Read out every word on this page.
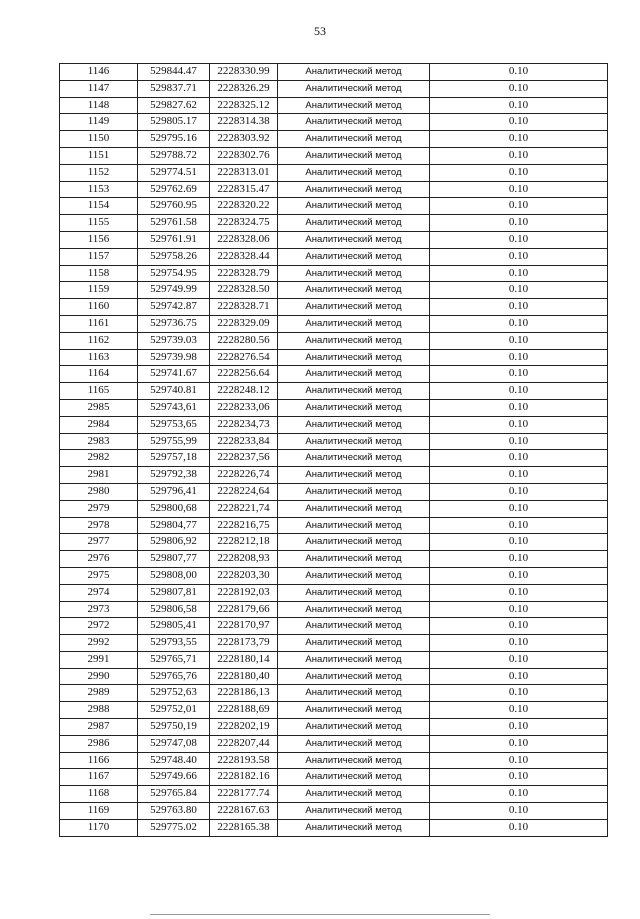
53
1146	529844.47	2228330.99	Аналитический метод	0.10
1147	529837.71	2228326.29	Аналитический метод	0.10
1148	529827.62	2228325.12	Аналитический метод	0.10
1149	529805.17	2228314.38	Аналитический метод	0.10
1150	529795.16	2228303.92	Аналитический метод	0.10
1151	529788.72	2228302.76	Аналитический метод	0.10
1152	529774.51	2228313.01	Аналитический метод	0.10
1153	529762.69	2228315.47	Аналитический метод	0.10
1154	529760.95	2228320.22	Аналитический метод	0.10
1155	529761.58	2228324.75	Аналитический метод	0.10
1156	529761.91	2228328.06	Аналитический метод	0.10
1157	529758.26	2228328.44	Аналитический метод	0.10
1158	529754.95	2228328.79	Аналитический метод	0.10
1159	529749.99	2228328.50	Аналитический метод	0.10
1160	529742.87	2228328.71	Аналитический метод	0.10
1161	529736.75	2228329.09	Аналитический метод	0.10
1162	529739.03	2228280.56	Аналитический метод	0.10
1163	529739.98	2228276.54	Аналитический метод	0.10
1164	529741.67	2228256.64	Аналитический метод	0.10
1165	529740.81	2228248.12	Аналитический метод	0.10
2985	529743,61	2228233,06	Аналитический метод	0.10
2984	529753,65	2228234,73	Аналитический метод	0.10
2983	529755,99	2228233,84	Аналитический метод	0.10
2982	529757,18	2228237,56	Аналитический метод	0.10
2981	529792,38	2228226,74	Аналитический метод	0.10
2980	529796,41	2228224,64	Аналитический метод	0.10
2979	529800,68	2228221,74	Аналитический метод	0.10
2978	529804,77	2228216,75	Аналитический метод	0.10
2977	529806,92	2228212,18	Аналитический метод	0.10
2976	529807,77	2228208,93	Аналитический метод	0.10
2975	529808,00	2228203,30	Аналитический метод	0.10
2974	529807,81	2228192,03	Аналитический метод	0.10
2973	529806,58	2228179,66	Аналитический метод	0.10
2972	529805,41	2228170,97	Аналитический метод	0.10
2992	529793,55	2228173,79	Аналитический метод	0.10
2991	529765,71	2228180,14	Аналитический метод	0.10
2990	529765,76	2228180,40	Аналитический метод	0.10
2989	529752,63	2228186,13	Аналитический метод	0.10
2988	529752,01	2228188,69	Аналитический метод	0.10
2987	529750,19	2228202,19	Аналитический метод	0.10
2986	529747,08	2228207,44	Аналитический метод	0.10
1166	529748.40	2228193.58	Аналитический метод	0.10
1167	529749.66	2228182.16	Аналитический метод	0.10
1168	529765.84	2228177.74	Аналитический метод	0.10
1169	529763.80	2228167.63	Аналитический метод	0.10
1170	529775.02	2228165.38	Аналитический метод	0.10
